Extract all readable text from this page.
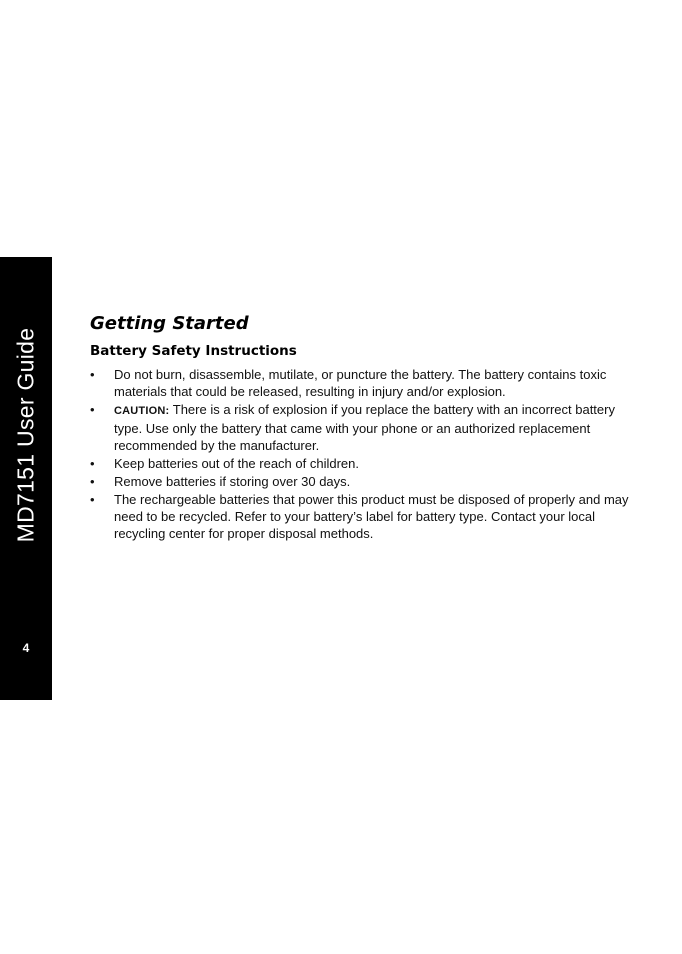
MD7151 User Guide
4
Getting Started
Battery Safety Instructions
• Do not burn, disassemble, mutilate, or puncture the battery. The battery contains toxic materials that could be released, resulting in injury and/or explosion.
• CAUTION: There is a risk of explosion if you replace the battery with an incorrect battery type. Use only the battery that came with your phone or an authorized replacement recommended by the manufacturer.
• Keep batteries out of the reach of children.
• Remove batteries if storing over 30 days.
• The rechargeable batteries that power this product must be disposed of properly and may need to be recycled. Refer to your battery’s label for battery type. Contact your local recycling center for proper disposal methods.
